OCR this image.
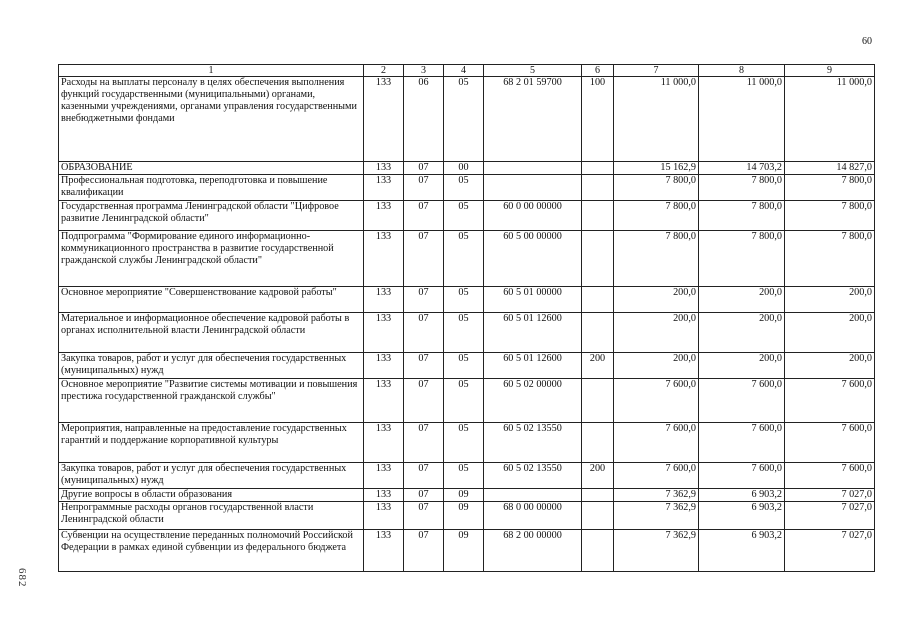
60
682
1	2	3	4	5	6	7	8	9
Расходы на выплаты персоналу в целях обеспечения выполнения функций государственными (муниципальными) органами, казенными учреждениями, органами управления государственными внебюджетными фондами	133	06	05	68 2 01 59700	100	11 000,0	11 000,0	11 000,0
ОБРАЗОВАНИЕ	133	07	00			15 162,9	14 703,2	14 827,0
Профессиональная подготовка, переподготовка и повышение квалификации	133	07	05			7 800,0	7 800,0	7 800,0
Государственная программа Ленинградской области "Цифровое развитие Ленинградской области"	133	07	05	60 0 00 00000		7 800,0	7 800,0	7 800,0
Подпрограмма "Формирование единого информационно-коммуникационного пространства в развитие государственной гражданской службы Ленинградской области"	133	07	05	60 5 00 00000		7 800,0	7 800,0	7 800,0
Основное мероприятие "Совершенствование кадровой работы"	133	07	05	60 5 01 00000		200,0	200,0	200,0
Материальное и информационное обеспечение кадровой работы в органах исполнительной власти Ленинградской области	133	07	05	60 5 01 12600		200,0	200,0	200,0
Закупка товаров, работ и услуг для обеспечения государственных (муниципальных) нужд	133	07	05	60 5 01 12600	200	200,0	200,0	200,0
Основное мероприятие "Развитие системы мотивации и повышения престижа государственной гражданской службы"	133	07	05	60 5 02 00000		7 600,0	7 600,0	7 600,0
Мероприятия, направленные на предоставление государственных гарантий и поддержание корпоративной культуры	133	07	05	60 5 02 13550		7 600,0	7 600,0	7 600,0
Закупка товаров, работ и услуг для обеспечения государственных (муниципальных) нужд	133	07	05	60 5 02 13550	200	7 600,0	7 600,0	7 600,0
Другие вопросы в области образования	133	07	09			7 362,9	6 903,2	7 027,0
Непрограммные расходы органов государственной власти Ленинградской области	133	07	09	68 0 00 00000		7 362,9	6 903,2	7 027,0
Субвенции на осуществление переданных полномочий Российской Федерации в рамках единой субвенции из федерального бюджета	133	07	09	68 2 00 00000		7 362,9	6 903,2	7 027,0
